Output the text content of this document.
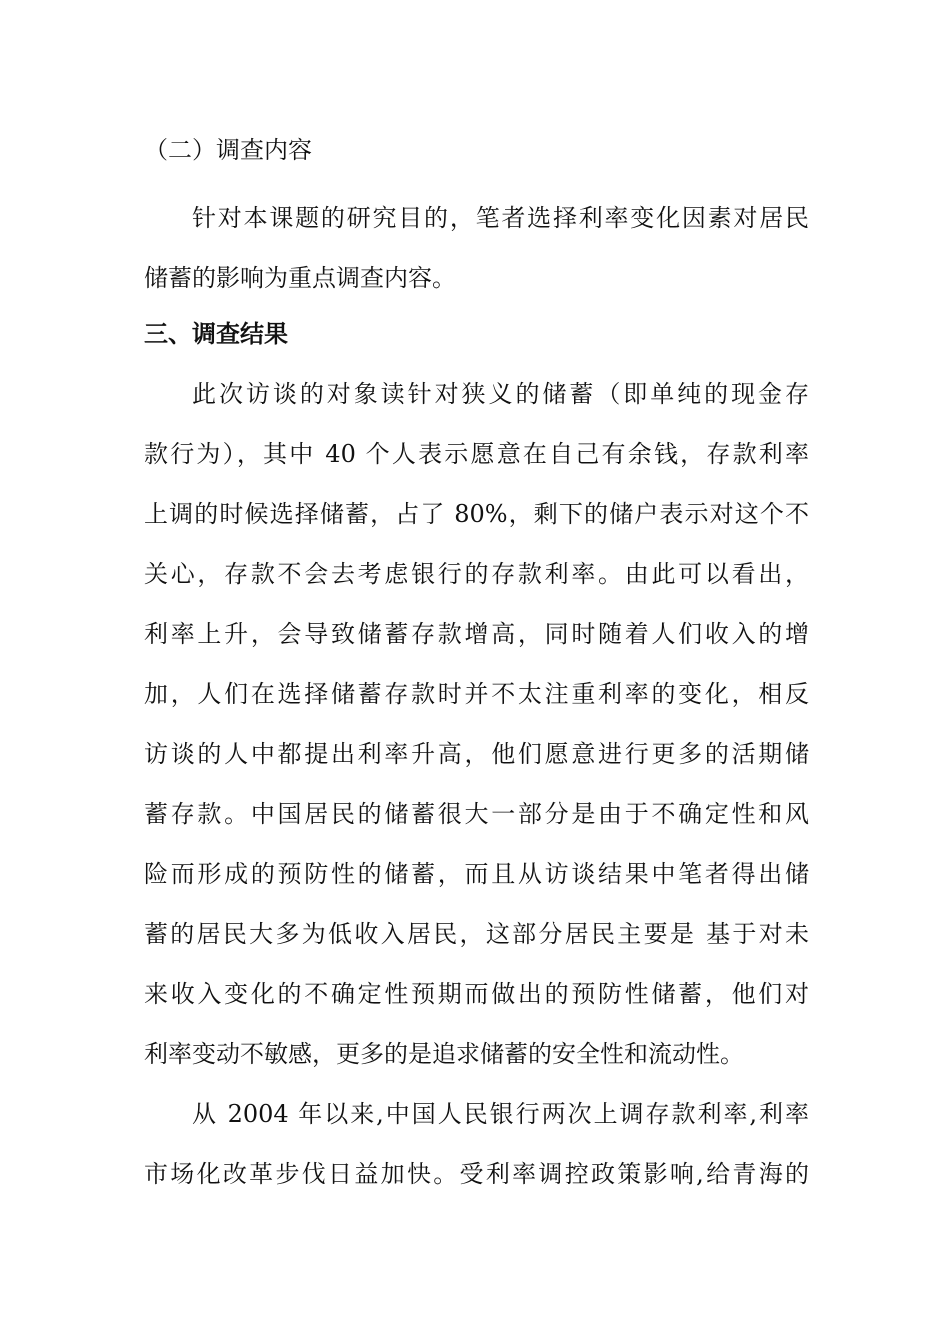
（二）调查内容
针对本课题的研究目的，笔者选择利率变化因素对居民
储蓄的影响为重点调查内容。
三、调查结果
此次访谈的对象读针对狭义的储蓄（即单纯的现金存
款行为），其中 40 个人表示愿意在自己有余钱，存款利率
上调的时候选择储蓄，占了 80%，剩下的储户表示对这个不
关心，存款不会去考虑银行的存款利率。由此可以看出，
利率上升，会导致储蓄存款增高，同时随着人们收入的增
加，人们在选择储蓄存款时并不太注重利率的变化，相反
访谈的人中都提出利率升高，他们愿意进行更多的活期储
蓄存款。中国居民的储蓄很大一部分是由于不确定性和风
险而形成的预防性的储蓄，而且从访谈结果中笔者得出储
蓄的居民大多为低收入居民，这部分居民主要是 基于对未
来收入变化的不确定性预期而做出的预防性储蓄，他们对
利率变动不敏感，更多的是追求储蓄的安全性和流动性。
从 2004 年以来,中国人民银行两次上调存款利率,利率
市场化改革步伐日益加快。受利率调控政策影响,给青海的
